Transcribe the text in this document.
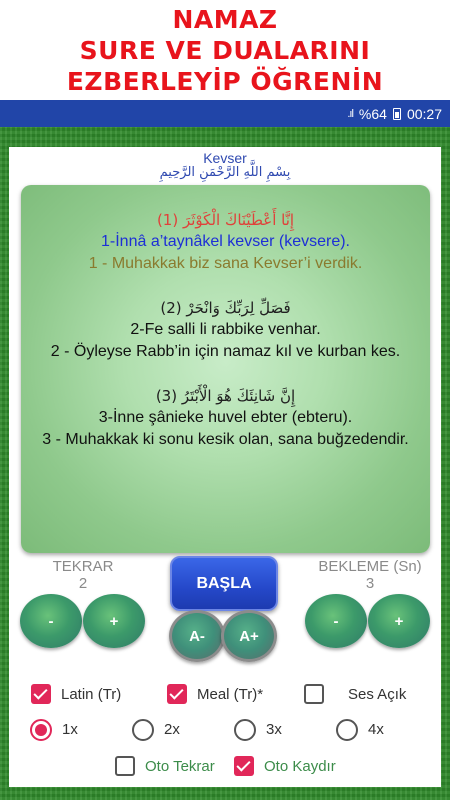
NAMAZ
SURE VE DUALARINI
EZBERLEYİP ÖĞRENİN
.ıl %64 00:27
Kevser
بِسْمِ اللَّهِ الرَّحْمَنِ الرَّحِيمِ
إِنَّا أَعْطَيْنَاكَ الْكَوْثَرَ (1)
1-İnnâ a’taynâkel kevser (kevsere).
1 - Muhakkak biz sana Kevser’i verdik.
فَصَلِّ لِرَبِّكَ وَانْحَرْ (2)
2-Fe salli li rabbike venhar.
2 - Öyleyse Rabb’in için namaz kıl ve kurban kes.
إِنَّ شَانِئَكَ هُوَ الْأَبْتَرُ (3)
3-İnne şânieke huvel ebter (ebteru).
3 - Muhakkak ki sonu kesik olan, sana buğzedendir.
TEKRAR
2
-	+
BAŞLA
A-	A+
BEKLEME (Sn)
3
-	+
Latin (Tr)	Meal (Tr)*	Ses Açık
1x	2x	3x	4x
Oto Tekrar	Oto Kaydır
